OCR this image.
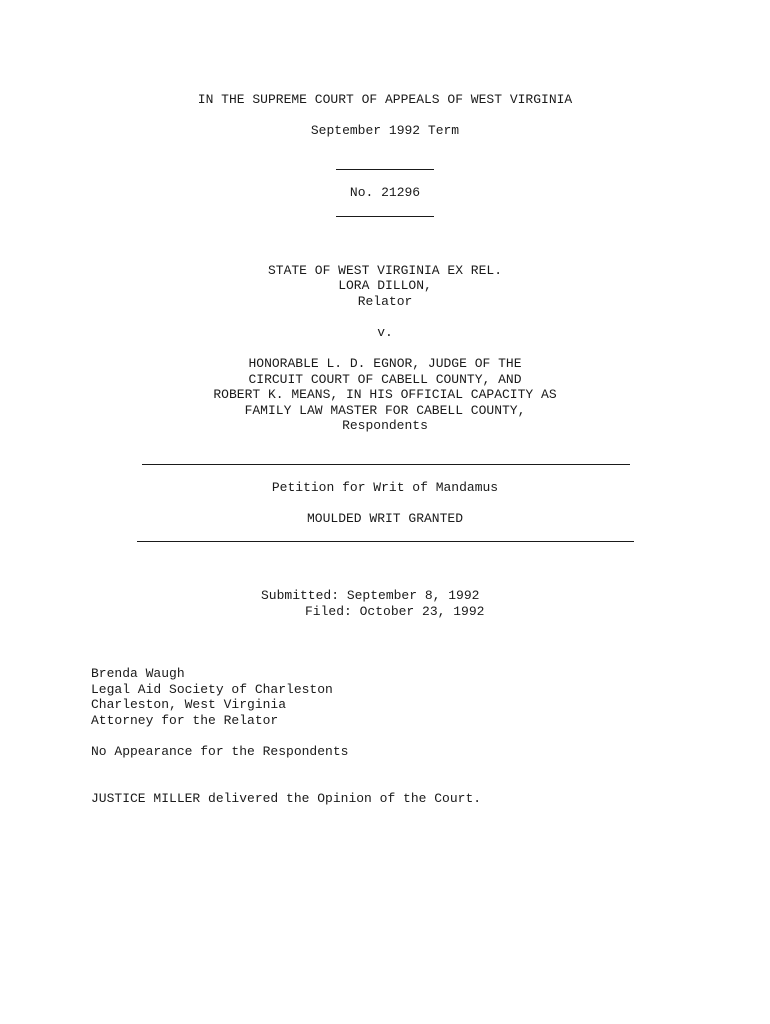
IN THE SUPREME COURT OF APPEALS OF WEST VIRGINIA

September 1992 Term

No. 21296

STATE OF WEST VIRGINIA EX REL.

LORA DILLON,

Relator

v.

HONORABLE L. D. EGNOR, JUDGE OF THE

CIRCUIT COURT OF CABELL COUNTY, AND

ROBERT K. MEANS, IN HIS OFFICIAL CAPACITY AS

FAMILY LAW MASTER FOR CABELL COUNTY,

Respondents

Petition for Writ of Mandamus

MOULDED WRIT GRANTED

Submitted: September 8, 1992

Filed: October 23, 1992

Brenda Waugh

Legal Aid Society of Charleston

Charleston, West Virginia

Attorney for the Relator

No Appearance for the Respondents

JUSTICE MILLER delivered the Opinion of the Court.
